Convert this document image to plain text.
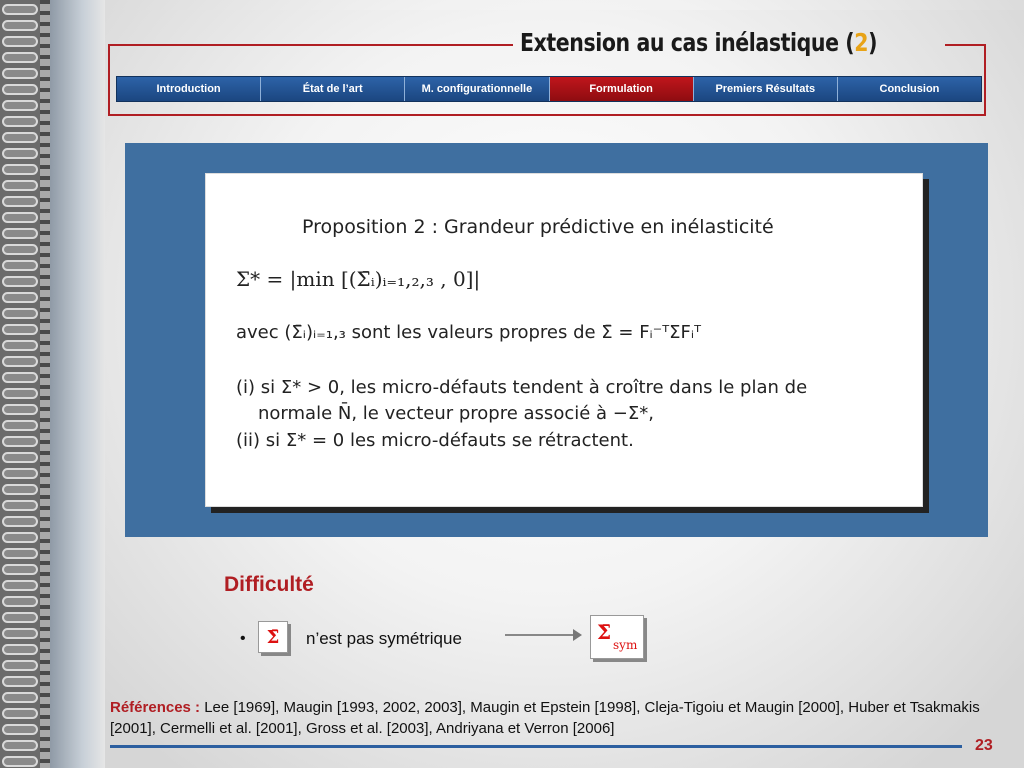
Extension au cas inélastique (2)
Introduction	État de l’art	M. configurationnelle	Formulation	Premiers Résultats	Conclusion
Proposition 2 : Grandeur prédictive en inélasticité
Σ* = |min [(Σ̄ᵢ)ᵢ₌₁,₂,₃ , 0]|
avec (Σ̄ᵢ)ᵢ₌₁,₃ sont les valeurs propres de Σ̄ = Fᵢ⁻ᵀΣFᵢᵀ
(i) si Σ* > 0, les micro-défauts tendent à croître dans le plan de
normale N̄, le vecteur propre associé à −Σ*,
(ii) si Σ* = 0 les micro-défauts se rétractent.
Difficulté
•	Σ̄	n’est pas symétrique	Σ̄
sym
Références : Lee [1969], Maugin [1993, 2002, 2003], Maugin et Epstein [1998], Cleja-Tigoiu et Maugin [2000], Huber et Tsakmakis [2001], Cermelli et al. [2001], Gross et al. [2003], Andriyana et Verron [2006]
23
